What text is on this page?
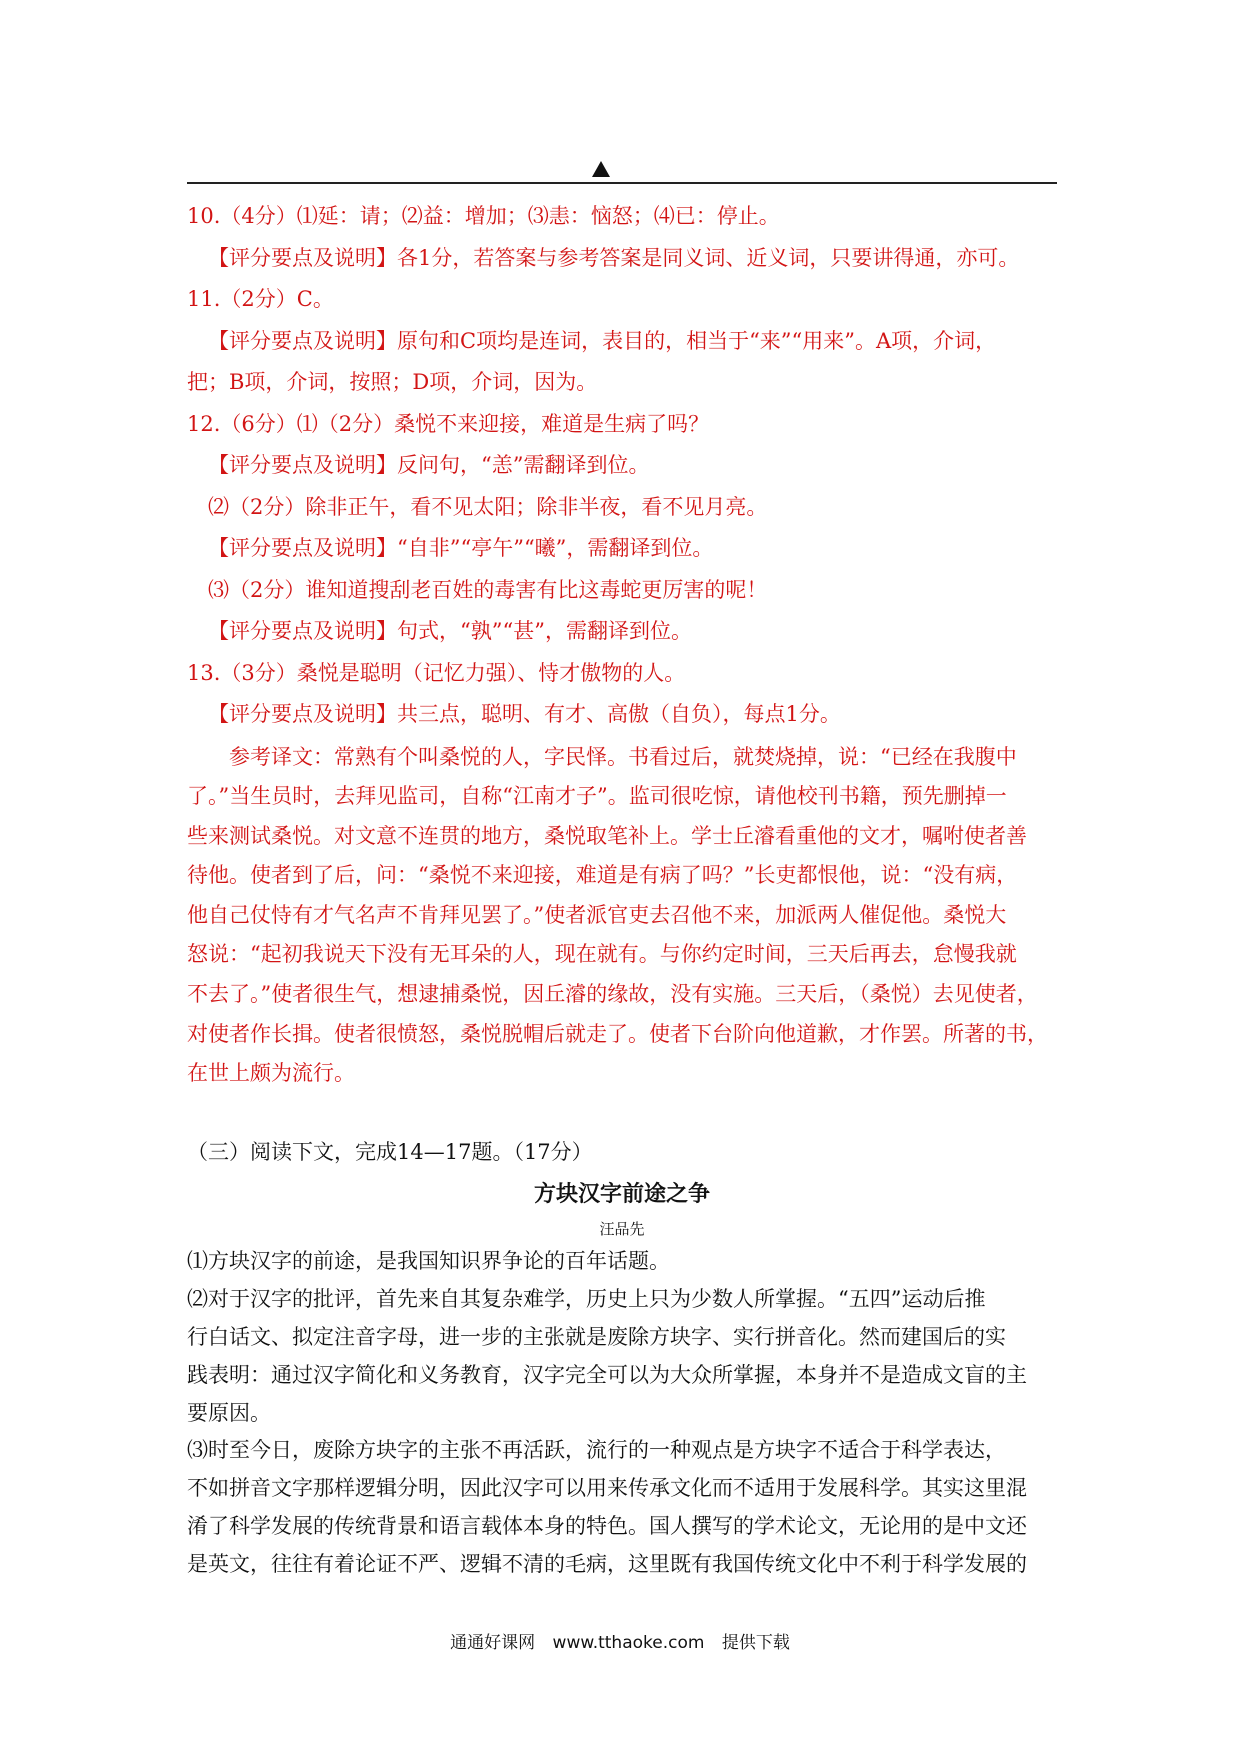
10.（4分）⑴延：请；⑵益：增加；⑶恚：恼怒；⑷已：停止。

【评分要点及说明】各1分，若答案与参考答案是同义词、近义词，只要讲得通，亦可。

11.（2分）C。

【评分要点及说明】原句和C项均是连词，表目的，相当于“来”“用来”。A项，介词，

把；B项，介词，按照；D项，介词，因为。

12.（6分）⑴（2分）桑悦不来迎接，难道是生病了吗？

【评分要点及说明】反问句，“恙”需翻译到位。

⑵（2分）除非正午，看不见太阳；除非半夜，看不见月亮。

【评分要点及说明】“自非”“亭午”“曦”，需翻译到位。

⑶（2分）谁知道搜刮老百姓的毒害有比这毒蛇更厉害的呢！

【评分要点及说明】句式，“孰”“甚”，需翻译到位。

13.（3分）桑悦是聪明（记忆力强）、恃才傲物的人。

【评分要点及说明】共三点，聪明、有才、高傲（自负），每点1分。

参考译文：常熟有个叫桑悦的人，字民怿。书看过后，就焚烧掉，说：“已经在我腹中

了。”当生员时，去拜见监司，自称“江南才子”。监司很吃惊，请他校刊书籍，预先删掉一

些来测试桑悦。对文意不连贯的地方，桑悦取笔补上。学士丘濬看重他的文才，嘱咐使者善

待他。使者到了后，问：“桑悦不来迎接，难道是有病了吗？”长吏都恨他，说：“没有病，

他自己仗恃有才气名声不肯拜见罢了。”使者派官吏去召他不来，加派两人催促他。桑悦大

怒说：“起初我说天下没有无耳朵的人，现在就有。与你约定时间，三天后再去，怠慢我就

不去了。”使者很生气，想逮捕桑悦，因丘濬的缘故，没有实施。三天后，（桑悦）去见使者，

对使者作长揖。使者很愤怒，桑悦脱帽后就走了。使者下台阶向他道歉，才作罢。所著的书，

在世上颇为流行。

（三）阅读下文，完成14—17题。（17分）

方块汉字前途之争

汪品先

⑴方块汉字的前途，是我国知识界争论的百年话题。

⑵对于汉字的批评，首先来自其复杂难学，历史上只为少数人所掌握。“五四”运动后推

行白话文、拟定注音字母，进一步的主张就是废除方块字、实行拼音化。然而建国后的实

践表明：通过汉字简化和义务教育，汉字完全可以为大众所掌握，本身并不是造成文盲的主

要原因。

⑶时至今日，废除方块字的主张不再活跃，流行的一种观点是方块字不适合于科学表达，

不如拼音文字那样逻辑分明，因此汉字可以用来传承文化而不适用于发展科学。其实这里混

淆了科学发展的传统背景和语言载体本身的特色。国人撰写的学术论文，无论用的是中文还

是英文，往往有着论证不严、逻辑不清的毛病，这里既有我国传统文化中不利于科学发展的

通通好课网 www.tthaoke.com 提供下载
